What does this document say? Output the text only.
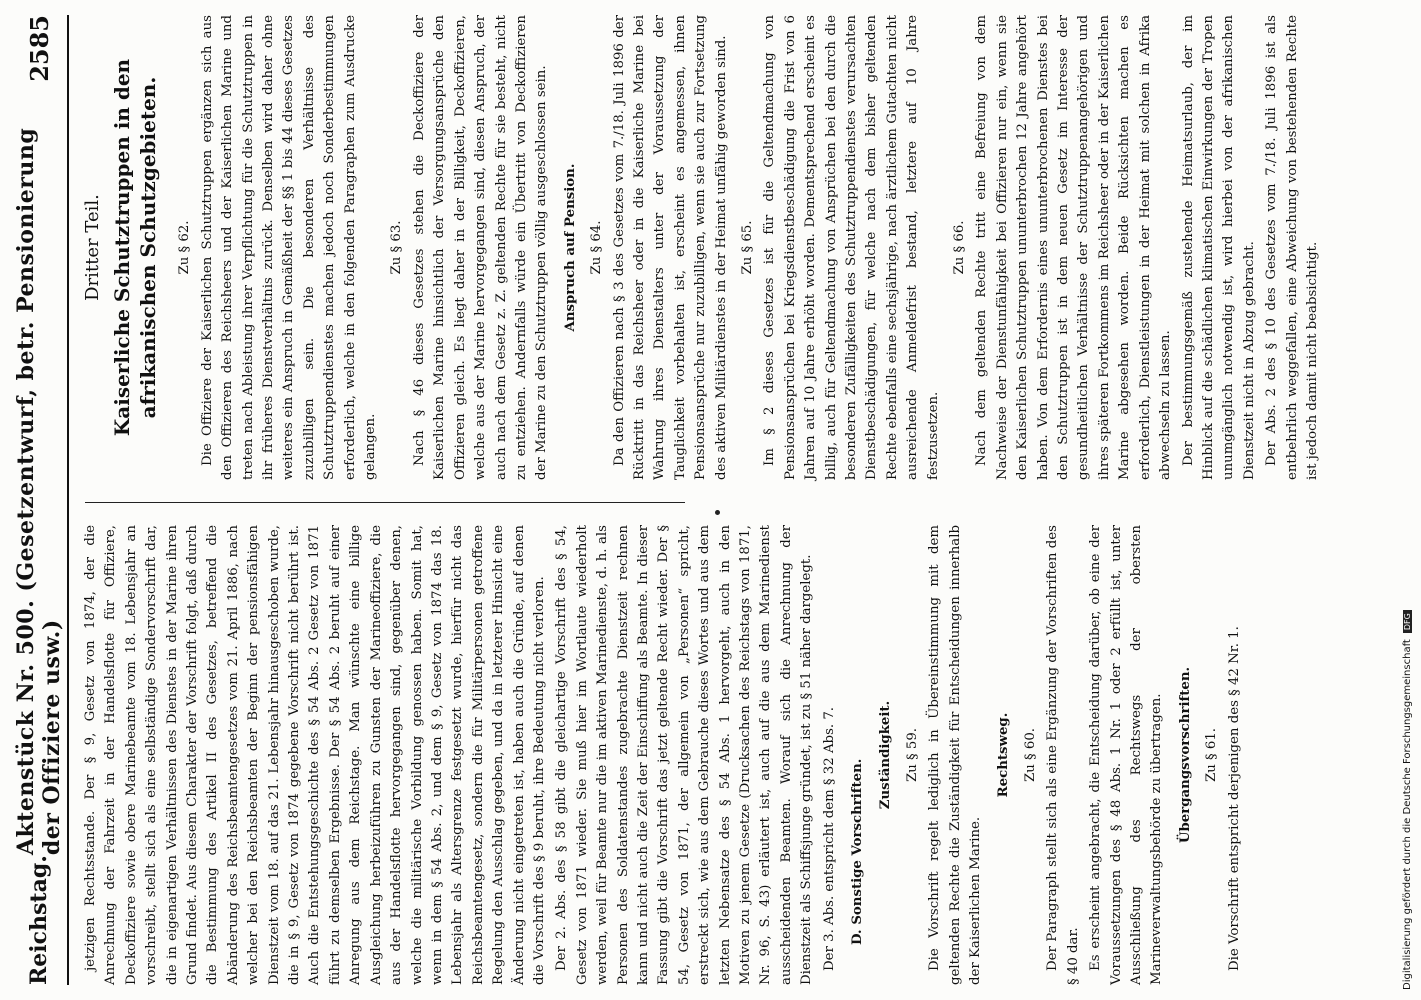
Reichstag.
Aktenstück Nr. 500. (Gesetzentwurf, betr. Pensionierung der Offiziere usw.)
2585

jetzigen Rechtsstande. Der § 9, Gesetz von 1874, der die Anrechnung der Fahrzeit in der Handelsflotte für Offiziere, Deckoffiziere sowie obere Marinebeamte vom 18. Lebensjahr an vorschreibt, stellt sich als eine selbständige Sondervorschrift dar, die in eigenartigen Verhältnissen des Dienstes in der Marine ihren Grund findet. Aus diesem Charakter der Vorschrift folgt, daß durch die Bestimmung des Artikel II des Gesetzes, betreffend die Abänderung des Reichsbeamtengesetzes vom 21. April 1886, nach welcher bei den Reichsbeamten der Beginn der pensionsfähigen Dienstzeit vom 18. auf das 21. Lebensjahr hinausgeschoben wurde, die in § 9, Gesetz von 1874 gegebene Vorschrift nicht berührt ist. Auch die Entstehungsgeschichte des § 54 Abs. 2 Gesetz von 1871 führt zu demselben Ergebnisse. Der § 54 Abs. 2 beruht auf einer Anregung aus dem Reichstage. Man wünschte eine billige Ausgleichung herbeizuführen zu Gunsten der Marineoffiziere, die aus der Handelsflotte hervorgegangen sind, gegenüber denen, welche die militärische Vorbildung genossen haben. Somit hat, wenn in dem § 54 Abs. 2, und dem § 9, Gesetz von 1874 das 18. Lebensjahr als Altersgrenze festgesetzt wurde, hierfür nicht das Reichsbeamtengesetz, sondern die für Militärpersonen getroffene Regelung den Ausschlag gegeben, und da in letzterer Hinsicht eine Änderung nicht eingetreten ist, haben auch die Gründe, auf denen die Vorschrift des § 9 beruht, ihre Bedeutung nicht verloren. Der 2. Abs. des § 58 gibt die gleichartige Vorschrift des § 54, Gesetz von 1871 wieder. Sie muß hier im Wortlaute wiederholt werden, weil für Beamte nur die im aktiven Marinedienste, d. h. als Personen des Soldatenstandes zugebrachte Dienstzeit rechnen kann und nicht auch die Zeit der Einschiffung als Beamte. In dieser Fassung gibt die Vorschrift das jetzt geltende Recht wieder. Der § 54, Gesetz von 1871, der allgemein von „Personen“ spricht, erstreckt sich, wie aus dem Gebrauche dieses Wortes und aus dem letzten Nebensatze des § 54 Abs. 1 hervorgeht, auch in den Motiven zu jenem Gesetze (Drucksachen des Reichstags von 1871, Nr. 96, S. 43) erläutert ist, auch auf die aus dem Marinedienst ausscheidenden Beamten. Worauf sich die Anrechnung der Dienstzeit als Schiffsjunge gründet, ist zu § 51 näher dargelegt. Der 3. Abs. entspricht dem § 32 Abs. 7. D. Sonstige Vorschriften.

Zuständigkeit. Zu § 59. Die Vorschrift regelt lediglich in Übereinstimmung mit dem geltenden Rechte die Zuständigkeit für Entscheidungen innerhalb der Kaiserlichen Marine.

Rechtsweg. Zu § 60. Der Paragraph stellt sich als eine Ergänzung der Vorschriften des § 40 dar. Es erscheint angebracht, die Entscheidung darüber, ob eine der Voraussetzungen des § 48 Abs. 1 Nr. 1 oder 2 erfüllt ist, unter Ausschließung des Rechtswegs der obersten Marineverwaltungsbehörde zu übertragen. Übergangsvorschriften. Zu § 61. Die Vorschrift entspricht derjenigen des § 42 Nr. 1.

Dritter Teil. Kaiserliche Schutztruppen in den afrikanischen Schutzgebieten. Zu § 62. Die Offiziere der Kaiserlichen Schutztruppen ergänzen sich aus den Offizieren des Reichsheers und der Kaiserlichen Marine und treten nach Ableistung ihrer Verpflichtung für die Schutztruppen in ihr früheres Dienstverhältnis zurück. Denselben wird daher ohne weiteres ein Anspruch in Gemäßheit der §§ 1 bis 44 dieses Gesetzes zuzubilligen sein. Die besonderen Verhältnisse des Schutztruppendienstes machen jedoch noch Sonderbestimmungen erforderlich, welche in den folgenden Paragraphen zum Ausdrucke gelangen.

Zu § 63. Nach § 46 dieses Gesetzes stehen die Deckoffiziere der Kaiserlichen Marine hinsichtlich der Versorgungsansprüche den Offizieren gleich. Es liegt daher in der Billigkeit, Deckoffizieren, welche aus der Marine hervorgegangen sind, diesen Anspruch, der auch nach dem Gesetz z. Z. geltenden Rechte für sie besteht, nicht zu entziehen. Andernfalls würde ein Übertritt von Deckoffizieren der Marine zu den Schutztruppen völlig ausgeschlossen sein. Anspruch auf Pension. Zu § 64. Da den Offizieren nach § 3 des Gesetzes vom 7./18. Juli 1896 der Rücktritt in das Reichsheer oder in die Kaiserliche Marine bei Wahrung ihres Dienstalters unter der Voraussetzung der Tauglichkeit vorbehalten ist, erscheint es angemessen, ihnen Pensionsansprüche nur zuzubilligen, wenn sie auch zur Fortsetzung des aktiven Militärdienstes in der Heimat unfähig geworden sind. Zu § 65. Im § 2 dieses Gesetzes ist für die Geltendmachung von Pensionsansprüchen bei Kriegsdienstbeschädigung die Frist von 6 Jahren auf 10 Jahre erhöht worden. Dementsprechend erscheint es billig, auch für Geltendmachung von Ansprüchen bei den durch die besonderen Zufälligkeiten des Schutztruppendienstes verursachten Dienstbeschädigungen, für welche nach dem bisher geltenden Rechte ebenfalls eine sechsjährige, nach ärztlichem Gutachten nicht ausreichende Anmeldefrist bestand, letztere auf 10 Jahre festzusetzen.

Zu § 66. Nach dem geltenden Rechte tritt eine Befreiung von dem Nachweise der Dienstunfähigkeit bei Offizieren nur ein, wenn sie den Kaiserlichen Schutztruppen ununterbrochen 12 Jahre angehört haben. Von dem Erfordernis eines ununterbrochenen Dienstes bei den Schutztruppen ist in dem neuen Gesetz im Interesse der gesundheitlichen Verhältnisse der Schutztruppenangehörigen und ihres späteren Fortkommens im Reichsheer oder in der Kaiserlichen Marine abgesehen worden. Beide Rücksichten machen es erforderlich, Dienstleistungen in der Heimat mit solchen in Afrika abwechseln zu lassen. Der bestimmungsgemäß zustehende Heimatsurlaub, der im Hinblick auf die schädlichen klimatischen Einwirkungen der Tropen unumgänglich notwendig ist, wird hierbei von der afrikanischen Dienstzeit nicht in Abzug gebracht. Der Abs. 2 des § 10 des Gesetzes vom 7./18. Juli 1896 ist als entbehrlich weggefallen, eine Abweichung von bestehenden Rechte ist jedoch damit nicht beabsichtigt.

Digitalisierung gefördert durch die Deutsche Forschungsgemeinschaft
DFG
